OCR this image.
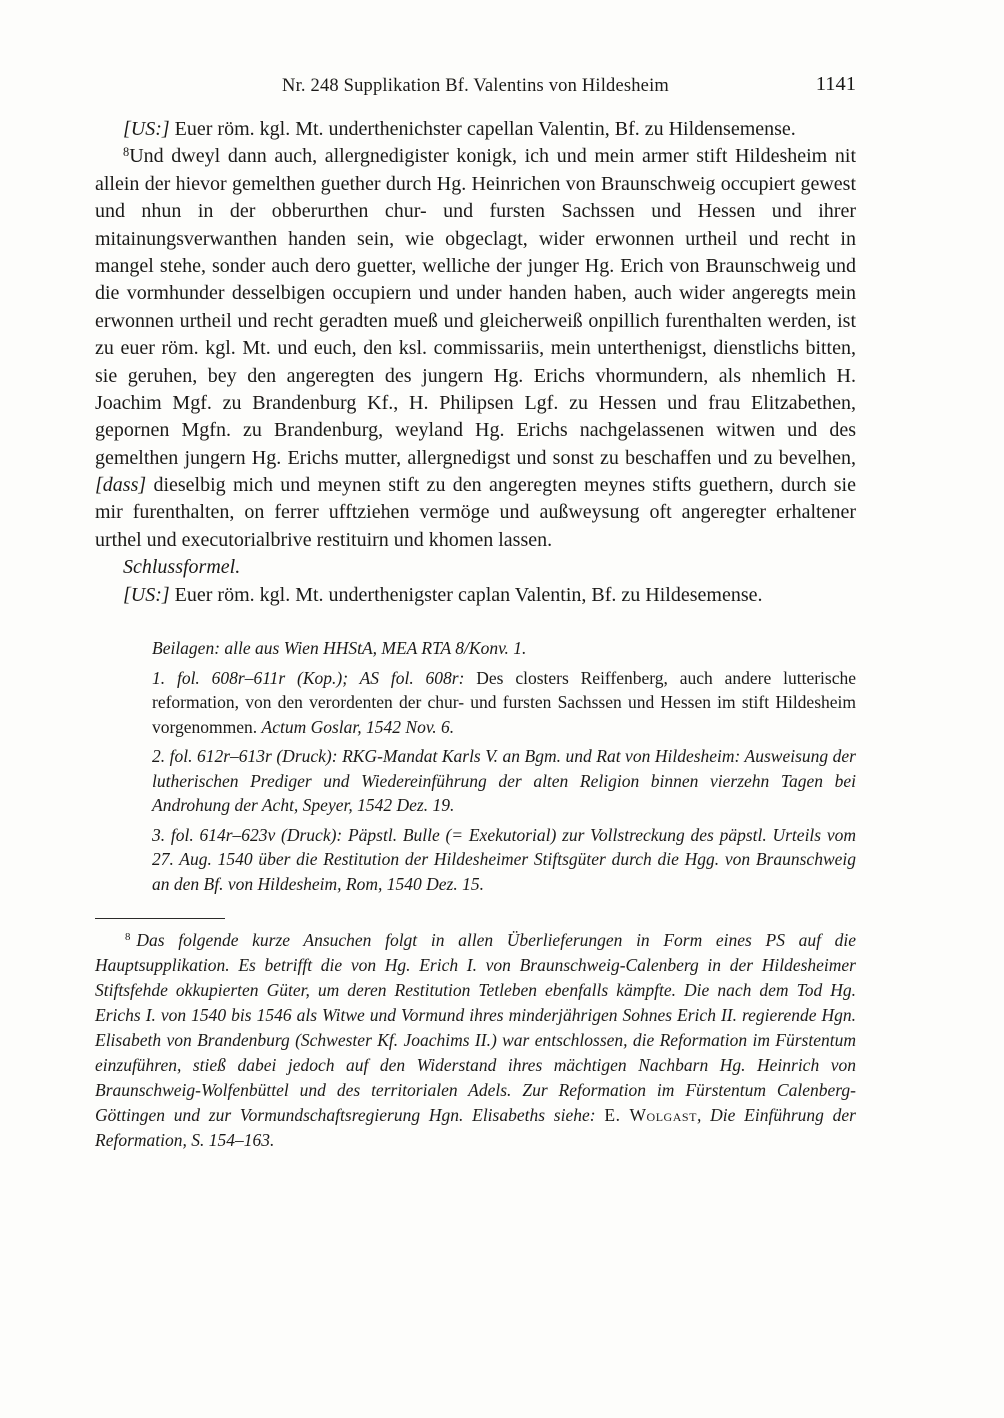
Nr. 248 Supplikation Bf. Valentins von Hildesheim	1141

[US:] Euer röm. kgl. Mt. underthenichster capellan Valentin, Bf. zu Hildensemense.

$^8$Und dweyl dann auch, allergnedigister konigk, ich und mein armer stift Hildesheim nit allein der hievor gemelthen guether durch Hg. Heinrichen von Braunschweig occupiert gewest und nhun in der obberurthen chur- und fursten Sachssen und Hessen und ihrer mitainungsverwanthen handen sein, wie obgeclagt, wider erwonnen urtheil und recht in mangel stehe, sonder auch dero guetter, welliche der junger Hg. Erich von Braunschweig und die vormhunder desselbigen occupiern und under handen haben, auch wider angeregts mein erwonnen urtheil und recht geradten mueß und gleicherweiß onpillich furenthalten werden, ist zu euer röm. kgl. Mt. und euch, den ksl. commissariis, mein unterthenigst, dienstlichs bitten, sie geruhen, bey den angeregten des jungern Hg. Erichs vhormundern, als nhemlich H. Joachim Mgf. zu Brandenburg Kf., H. Philipsen Lgf. zu Hessen und frau Elitzabethen, gepornen Mgfn. zu Brandenburg, weyland Hg. Erichs nachgelassenen witwen und des gemelthen jungern Hg. Erichs mutter, allergnedigst und sonst zu beschaffen und zu bevelhen, [dass] dieselbig mich und meynen stift zu den angeregten meynes stifts guethern, durch sie mir furenthalten, on ferrer ufftziehen vermöge und außweysung oft angeregter erhaltener urthel und executorialbrive restituirn und khomen lassen.

Schlussformel.

[US:] Euer röm. kgl. Mt. underthenigster caplan Valentin, Bf. zu Hildesemense.

Beilagen: alle aus Wien HHStA, MEA RTA 8/Konv. 1.

1. fol. 608r–611r (Kop.); AS fol. 608r: Des closters Reiffenberg, auch andere lutterische reformation, von den verordenten der chur- und fursten Sachssen und Hessen im stift Hildesheim vorgenommen. Actum Goslar, 1542 Nov. 6.

2. fol. 612r–613r (Druck): RKG-Mandat Karls V. an Bgm. und Rat von Hildesheim: Ausweisung der lutherischen Prediger und Wiedereinführung der alten Religion binnen vierzehn Tagen bei Androhung der Acht, Speyer, 1542 Dez. 19.

3. fol. 614r–623v (Druck): Päpstl. Bulle (= Exekutorial) zur Vollstreckung des päpstl. Urteils vom 27. Aug. 1540 über die Restitution der Hildesheimer Stiftsgüter durch die Hgg. von Braunschweig an den Bf. von Hildesheim, Rom, 1540 Dez. 15.

$^8$ Das folgende kurze Ansuchen folgt in allen Überlieferungen in Form eines PS auf die Hauptsupplikation. Es betrifft die von Hg. Erich I. von Braunschweig-Calenberg in der Hildesheimer Stiftsfehde okkupierten Güter, um deren Restitution Tetleben ebenfalls kämpfte. Die nach dem Tod Hg. Erichs I. von 1540 bis 1546 als Witwe und Vormund ihres minderjährigen Sohnes Erich II. regierende Hgn. Elisabeth von Brandenburg (Schwester Kf. Joachims II.) war entschlossen, die Reformation im Fürstentum einzuführen, stieß dabei jedoch auf den Widerstand ihres mächtigen Nachbarn Hg. Heinrich von Braunschweig-Wolfenbüttel und des territorialen Adels. Zur Reformation im Fürstentum Calenberg-Göttingen und zur Vormundschaftsregierung Hgn. Elisabeths siehe: E. Wolgast, Die Einführung der Reformation, S. 154–163.
